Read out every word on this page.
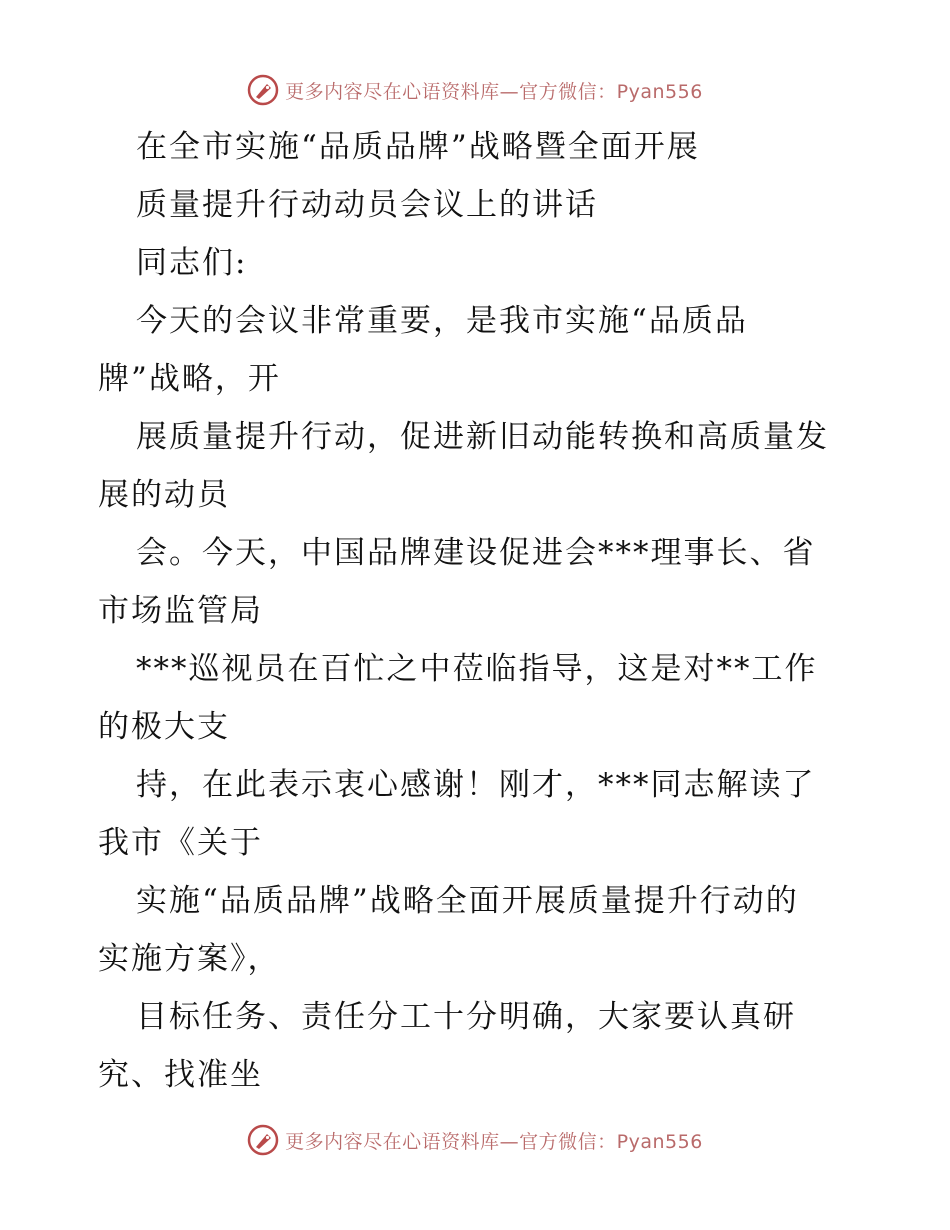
更多内容尽在心语资料库—官方微信：Pyan556
在全市实施“品质品牌”战略暨全面开展
质量提升行动动员会议上的讲话
同志们:
今天的会议非常重要，是我市实施“品质品
牌”战略，开
展质量提升行动，促进新旧动能转换和高质量发
展的动员
会。今天，中国品牌建设促进会***理事长、省
市场监管局
***巡视员在百忙之中莅临指导，这是对**工作
的极大支
持，在此表示衷心感谢！刚才，***同志解读了
我市《关于
实施“品质品牌”战略全面开展质量提升行动的
实施方案》，
目标任务、责任分工十分明确，大家要认真研
究、找准坐
更多内容尽在心语资料库—官方微信：Pyan556
